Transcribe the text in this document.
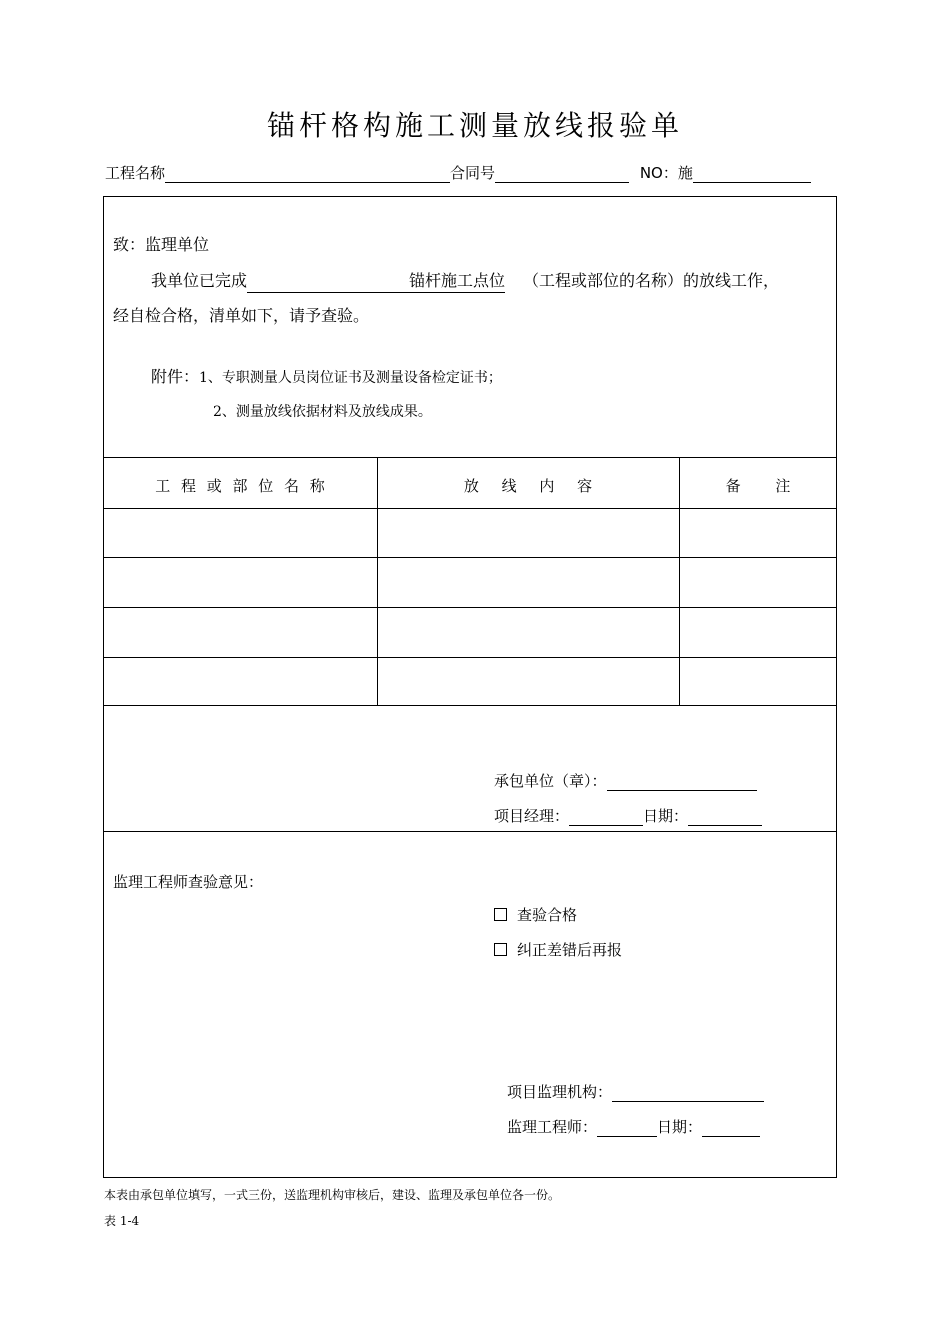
锚杆格构施工测量放线报验单
工程名称	合同号	NO：施
致：监理单位
我单位已完成	锚杆施工点位 （工程或部位的名称）的放线工作，
经自检合格，清单如下，请予查验。
附件：1、专职测量人员岗位证书及测量设备检定证书；
2、测量放线依据材料及放线成果。
工 程 或 部 位 名 称	放 线 内 容	备 注
承包单位（章）：
项目经理：	日期：
监理工程师查验意见：
查验合格
纠正差错后再报
项目监理机构：
监理工程师：	日期：
本表由承包单位填写，一式三份，送监理机构审核后，建设、监理及承包单位各一份。
表 1-4
